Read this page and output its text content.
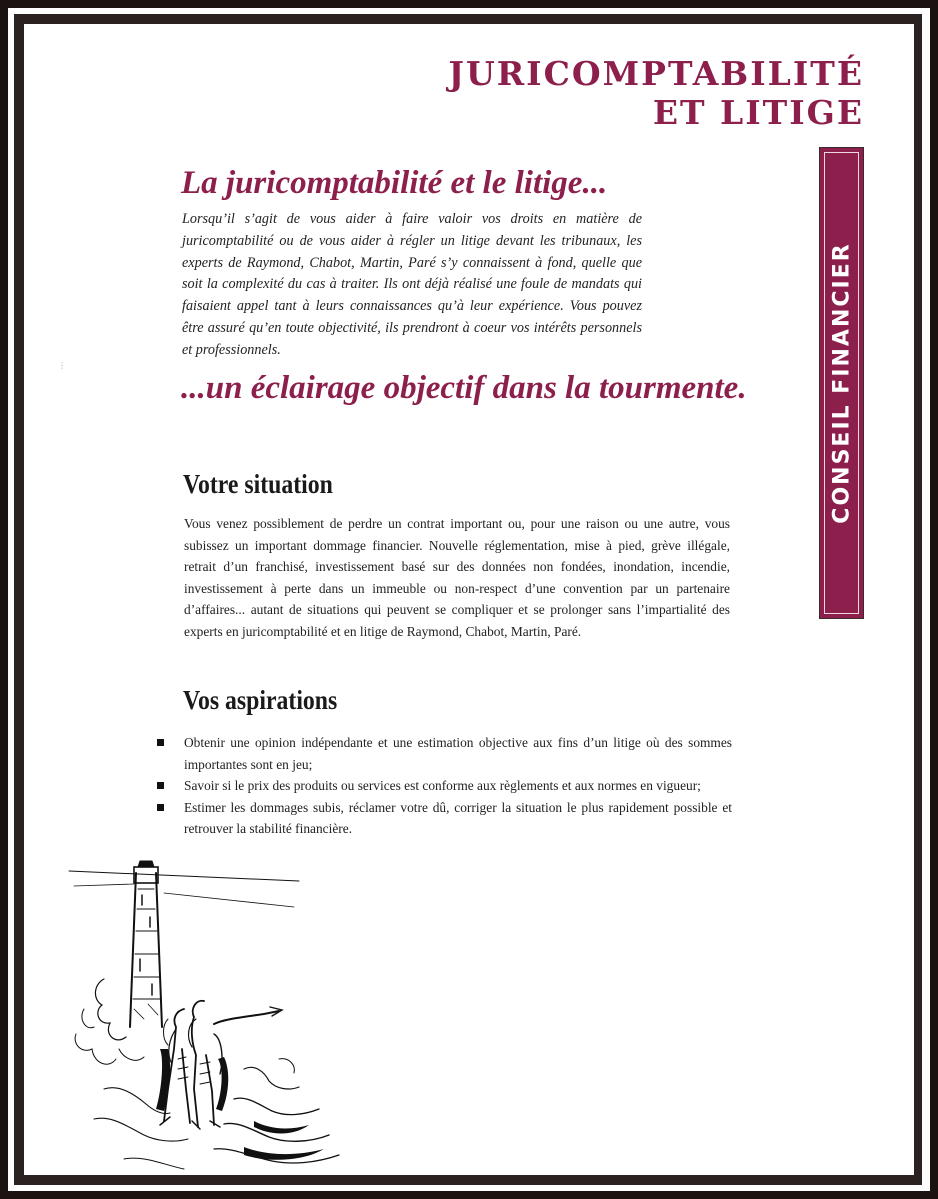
JURICOMPTABILITÉ
ET LITIGE
CONSEIL FINANCIER
La juricomptabilité et le litige...
Lorsqu’il s’agit de vous aider à faire valoir vos droits en matière de juricomptabilité ou de vous aider à régler un litige devant les tribunaux, les experts de Raymond, Chabot, Martin, Paré s’y connaissent à fond, quelle que soit la complexité du cas à traiter. Ils ont déjà réalisé une foule de mandats qui faisaient appel tant à leurs connaissances qu’à leur expérience. Vous pouvez être assuré qu’en toute objectivité, ils prendront à coeur vos intérêts personnels et professionnels.
...un éclairage objectif dans la tourmente.
⋮
Votre situation
Vous venez possiblement de perdre un contrat important ou, pour une raison ou une autre, vous subissez un important dommage financier. Nouvelle réglementation, mise à pied, grève illégale, retrait d’un franchisé, investissement basé sur des données non fondées, inondation, incendie, investissement à perte dans un immeuble ou non-respect d’une convention par un partenaire d’affaires... autant de situations qui peuvent se compliquer et se prolonger sans l’impartialité des experts en juricomptabilité et en litige de Raymond, Chabot, Martin, Paré.
Vos aspirations
Obtenir une opinion indépendante et une estimation objective aux fins d’un litige où des sommes importantes sont en jeu;
Savoir si le prix des produits ou services est conforme aux règlements et aux normes en vigueur;
Estimer les dommages subis, réclamer votre dû, corriger la situation le plus rapidement possible et retrouver la stabilité financière.
